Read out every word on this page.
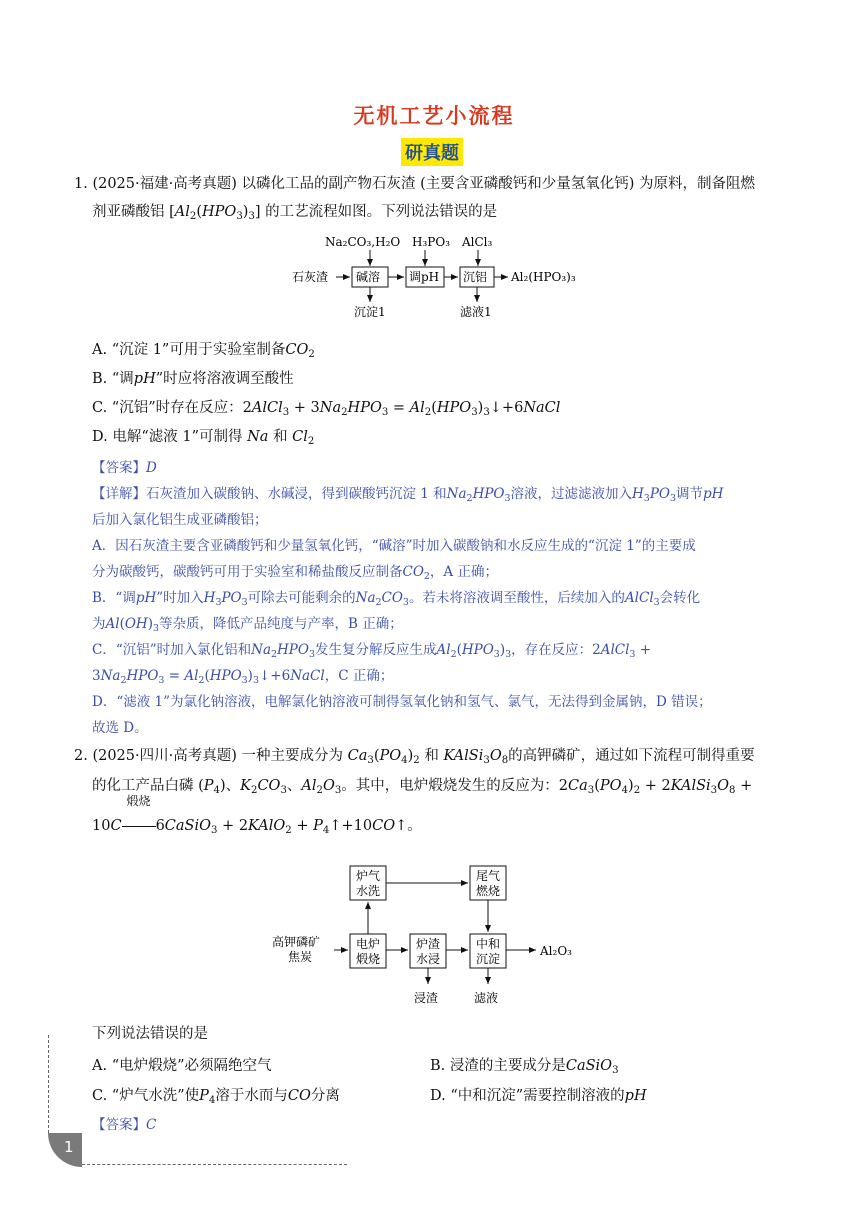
无机工艺小流程
研真题
1. (2025·福建·高考真题) 以磷化工品的副产物石灰渣 (主要含亚磷酸钙和少量氢氧化钙) 为原料，制备阻燃
剂亚磷酸铝 $[Al_2(HPO_3)_3]$ 的工艺流程如图。下列说法错误的是
Na₂CO₃,H₂O H₃PO₃ AlCl₃
石灰渣 碱溶 调pH 沉铝 Al₂(HPO₃)₃
沉淀1	滤液1
A. “沉淀 1”可用于实验室制备$CO_2$
B. “调pH”时应将溶液调至酸性
C. “沉铝”时存在反应：2AlCl$_3$ + $3Na_2HPO_3$ = $Al_2(HPO_3)_3↓+6NaCl$
D. 电解“滤液 1”可制得 Na 和 $Cl_2$
【答案】D
【详解】石灰渣加入碳酸钠、水碱浸，得到碳酸钙沉淀 1 和$Na_2HPO_3$溶液，过滤滤液加入$H_3PO_3$调节pH
后加入氯化铝生成亚磷酸铝；
A．因石灰渣主要含亚磷酸钙和少量氢氧化钙，“碱溶”时加入碳酸钠和水反应生成的“沉淀 1”的主要成
分为碳酸钙，碳酸钙可用于实验室和稀盐酸反应制备$CO_2$，A 正确；
B．“调pH”时加入$H_3PO_3$可除去可能剩余的$Na_2CO_3$。若未将溶液调至酸性，后续加入的AlCl$_3$会转化
为$Al(OH)_3$等杂质，降低产品纯度与产率，B 正确；
C．“沉铝”时加入氯化铝和$Na_2HPO_3$发生复分解反应生成$Al_2(HPO_3)_3$，存在反应：2AlCl$_3$ +
$3Na_2HPO_3$ = $Al_2(HPO_3)_3↓+6NaCl$，C 正确；
D．“滤液 1”为氯化钠溶液，电解氯化钠溶液可制得氢氧化钠和氢气、氯气，无法得到金属钠，D 错误；
故选 D。
2. (2025·四川·高考真题) 一种主要成分为 $Ca_3(PO_4)_2$ 和 $KAlSi_3O_8$的高钾磷矿，通过如下流程可制得重要
的化工产品白磷 $(P_4)$、$K_2CO_3$、$Al_2O_3$。其中，电炉煅烧发生的反应为：$2Ca_3(PO_4)_2$ + $2KAlSi_3O_8$ +
10C
煅烧
6CaSiO$_3$ + 2KAlO$_2$ + $P_4↑+10CO↑$。
高钾磷矿
焦炭
电炉
煅烧
炉气
水洗
尾气
燃烧
炉渣
水浸
中和
沉淀
Al₂O₃
浸渣	滤液
下列说法错误的是
A. “电炉煅烧”必须隔绝空气	B. 浸渣的主要成分是CaSiO$_3$
C. “炉气水洗”使$P_4$溶于水而与CO分离	D. “中和沉淀”需要控制溶液的pH
【答案】C
1
